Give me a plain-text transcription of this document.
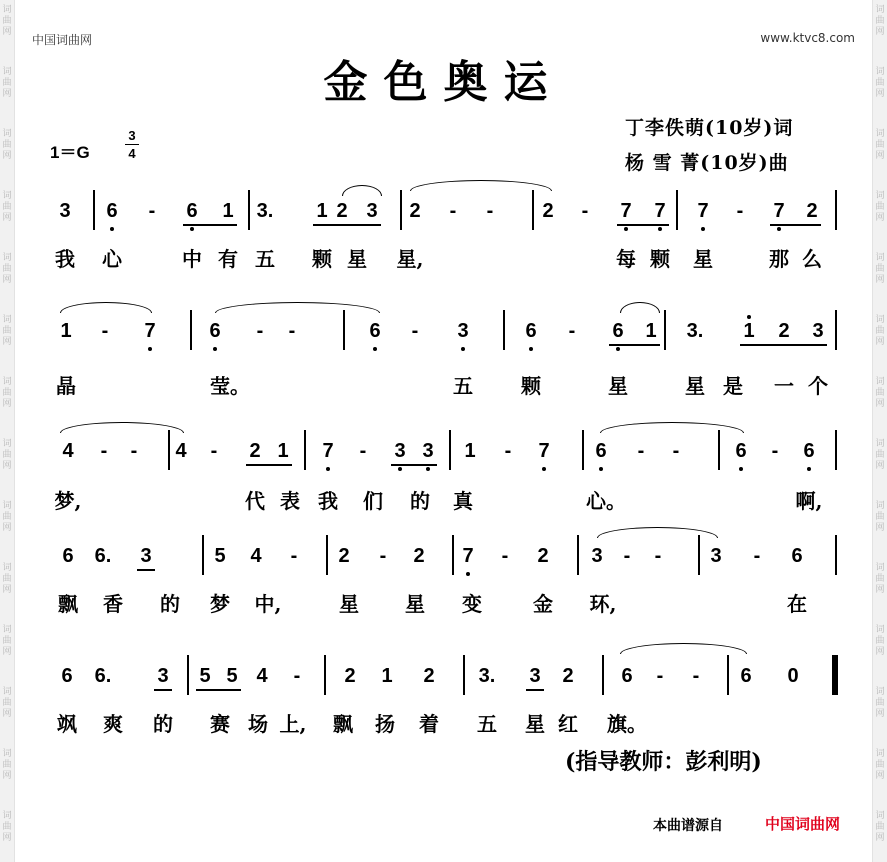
词
曲
网
词
曲
网
词
曲
网
词
曲
网
词
曲
网
词
曲
网
词
曲
网
词
曲
网
词
曲
网
词
曲
网
词
曲
网
词
曲
网
词
曲
网
词
曲
网
词
曲
网
词
曲
网
词
曲
网
词
曲
网
词
曲
网
词
曲
网
词
曲
网
词
曲
网
词
曲
网
词
曲
网
词
曲
网
词
曲
网
词
曲
网
词
曲
网
中国词曲网	www.ktvc8.com
金色奥运
丁李佚萌(10岁)词
杨 雪 菁(10岁)曲
1＝G
3
4
3 6 - 6 1 3. 1 2 3 2 - - 2 - 7 7 7 - 7 2
我 心	中 有 五 颗 星 星,	每 颗 星	那 么
1 - 7	6 - -	6 - 3	6 - 6 1 3. 1 2 3
晶	莹。	五 颗	星	星 是 一 个
4 - - 4 - 2 1 7 - 3 3 1 - 7 6 - -	6 - 6
梦,	代 表 我 们 的 真	心。	啊,
6 6. 3	5 4 - 2 - 2 7 - 2 3 - - 3 - 6
飘 香 的 梦 中,	星 星 变	金 环,	在
6 6. 3 5 5 4 - 2 1 2 3. 3 2 6 - - 6 0
飒 爽 的 赛 场 上, 飘 扬 着 五 星 红 旗。
(指导教师：彭利明)
本曲谱源自	中国词曲网
